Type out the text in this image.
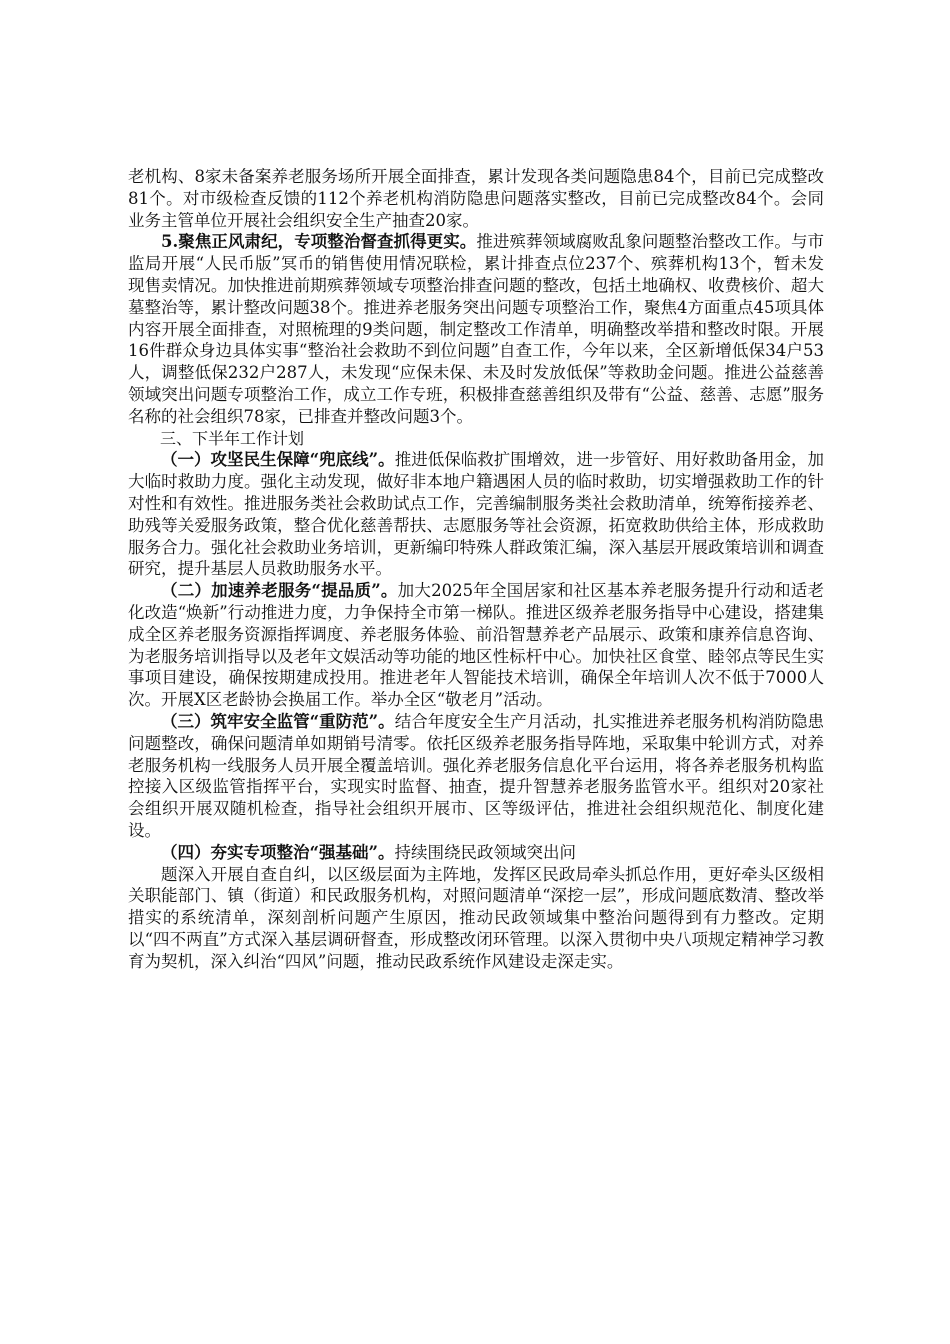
老机构、8家未备案养老服务场所开展全面排查，累计发现各类问题隐患84个，目前已完成整改81个。对市级检查反馈的112个养老机构消防隐患问题落实整改，目前已完成整改84个。会同业务主管单位开展社会组织安全生产抽查20家。

5.聚焦正风肃纪，专项整治督查抓得更实。推进殡葬领域腐败乱象问题整治整改工作。与市监局开展“人民币版”冥币的销售使用情况联检，累计排查点位237个、殡葬机构13个，暂未发现售卖情况。加快推进前期殡葬领域专项整治排查问题的整改，包括土地确权、收费核价、超大墓整治等，累计整改问题38个。推进养老服务突出问题专项整治工作，聚焦4方面重点45项具体内容开展全面排查，对照梳理的9类问题，制定整改工作清单，明确整改举措和整改时限。开展16件群众身边具体实事“整治社会救助不到位问题”自查工作，今年以来，全区新增低保34户53人，调整低保232户287人，未发现“应保未保、未及时发放低保”等救助金问题。推进公益慈善领域突出问题专项整治工作，成立工作专班，积极排查慈善组织及带有“公益、慈善、志愿”服务名称的社会组织78家，已排查并整改问题3个。

三、下半年工作计划

（一）攻坚民生保障“兜底线”。推进低保临救扩围增效，进一步管好、用好救助备用金，加大临时救助力度。强化主动发现，做好非本地户籍遇困人员的临时救助，切实增强救助工作的针对性和有效性。推进服务类社会救助试点工作，完善编制服务类社会救助清单，统筹衔接养老、助残等关爱服务政策，整合优化慈善帮扶、志愿服务等社会资源，拓宽救助供给主体，形成救助服务合力。强化社会救助业务培训，更新编印特殊人群政策汇编，深入基层开展政策培训和调查研究，提升基层人员救助服务水平。

（二）加速养老服务“提品质”。加大2025年全国居家和社区基本养老服务提升行动和适老化改造“焕新”行动推进力度，力争保持全市第一梯队。推进区级养老服务指导中心建设，搭建集成全区养老服务资源指挥调度、养老服务体验、前沿智慧养老产品展示、政策和康养信息咨询、为老服务培训指导以及老年文娱活动等功能的地区性标杆中心。加快社区食堂、睦邻点等民生实事项目建设，确保按期建成投用。推进老年人智能技术培训，确保全年培训人次不低于7000人次。开展X区老龄协会换届工作。举办全区“敬老月”活动。

（三）筑牢安全监管“重防范”。结合年度安全生产月活动，扎实推进养老服务机构消防隐患问题整改，确保问题清单如期销号清零。依托区级养老服务指导阵地，采取集中轮训方式，对养老服务机构一线服务人员开展全覆盖培训。强化养老服务信息化平台运用，将各养老服务机构监控接入区级监管指挥平台，实现实时监督、抽查，提升智慧养老服务监管水平。组织对20家社会组织开展双随机检查，指导社会组织开展市、区等级评估，推进社会组织规范化、制度化建设。

（四）夯实专项整治“强基础”。持续围绕民政领域突出问

题深入开展自查自纠，以区级层面为主阵地，发挥区民政局牵头抓总作用，更好牵头区级相关职能部门、镇（街道）和民政服务机构，对照问题清单“深挖一层”，形成问题底数清、整改举措实的系统清单，深刻剖析问题产生原因，推动民政领域集中整治问题得到有力整改。定期以“四不两直”方式深入基层调研督查，形成整改闭环管理。以深入贯彻中央八项规定精神学习教育为契机，深入纠治“四风”问题，推动民政系统作风建设走深走实。
